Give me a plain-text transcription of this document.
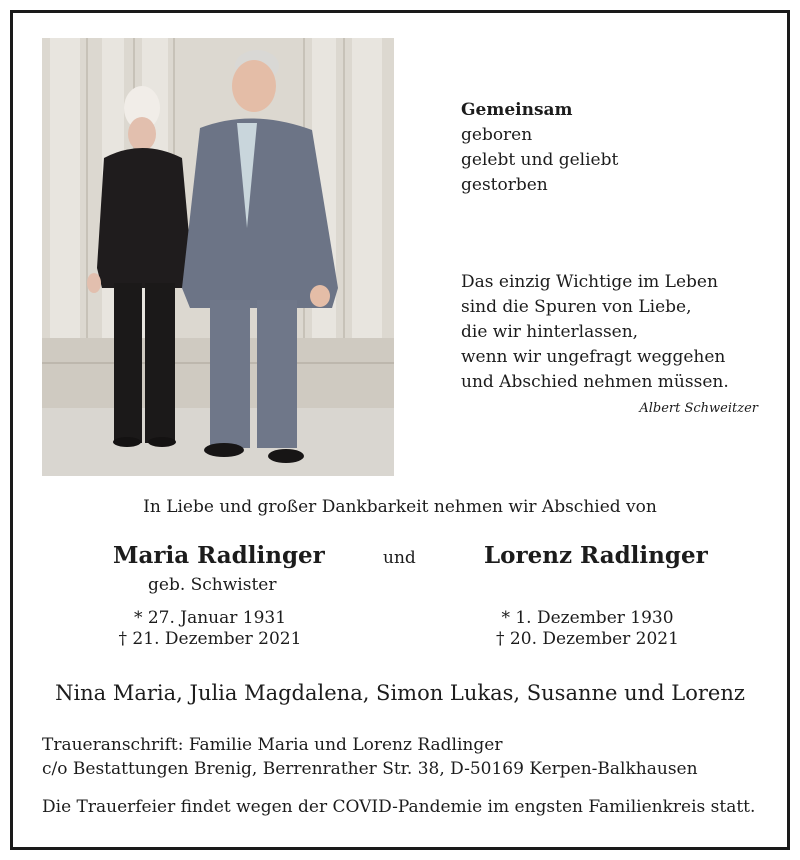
Gemeinsam
geboren
gelebt und geliebt
gestorben
Das einzig Wichtige im Leben
sind die Spuren von Liebe,
die wir hinterlassen,
wenn wir ungefragt weggehen
und Abschied nehmen müssen.
Albert Schweitzer
In Liebe und großer Dankbarkeit nehmen wir Abschied von
Maria Radlinger	und	Lorenz Radlinger
geb. Schwister
* 27. Januar 1931
† 21. Dezember 2021
* 1. Dezember 1930
† 20. Dezember 2021
Nina Maria, Julia Magdalena, Simon Lukas, Susanne und Lorenz
Traueranschrift: Familie Maria und Lorenz Radlinger
c/o Bestattungen Brenig, Berrenrather Str. 38, D-50169 Kerpen-Balkhausen
Die Trauerfeier findet wegen der COVID-Pandemie im engsten Familienkreis statt.
